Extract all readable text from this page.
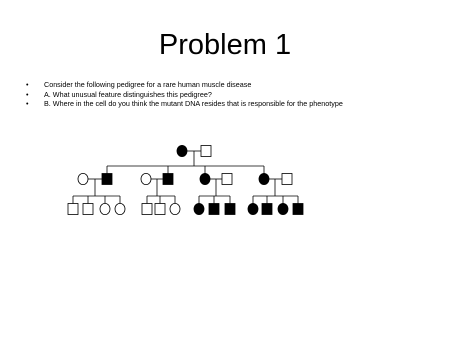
Problem 1
• Consider the following pedigree for a rare human muscle disease
• A. What unusual feature distinguishes this pedigree?
• B. Where in the cell do you think the mutant DNA resides that is responsible for the phenotype
